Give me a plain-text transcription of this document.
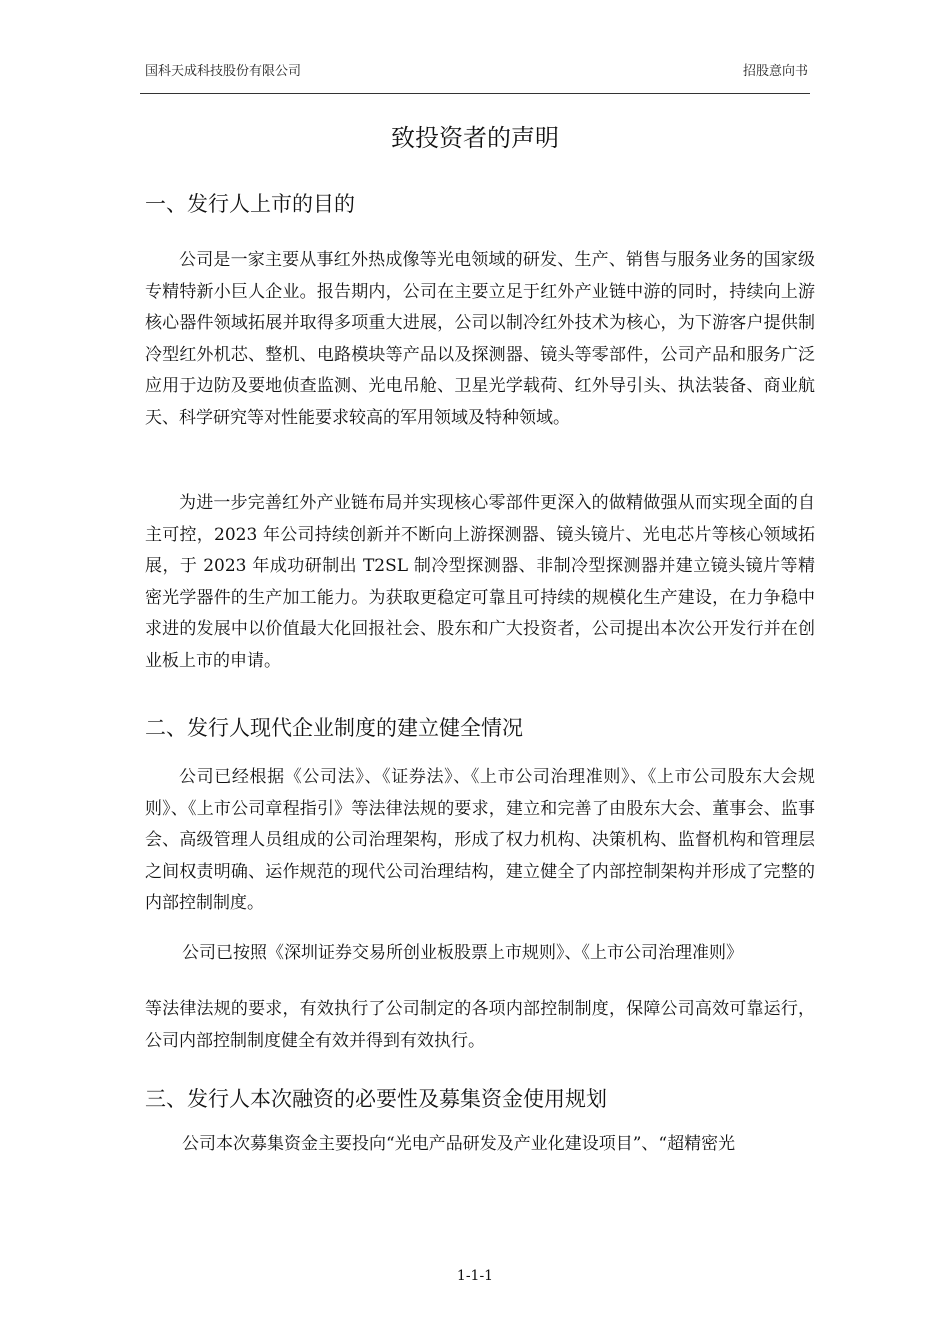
国科天成科技股份有限公司	招股意向书
致投资者的声明
一、发行人上市的目的
公司是一家主要从事红外热成像等光电领域的研发、生产、销售与服务业务的国家级专精特新小巨人企业。报告期内，公司在主要立足于红外产业链中游的同时，持续向上游核心器件领域拓展并取得多项重大进展，公司以制冷红外技术为核心，为下游客户提供制冷型红外机芯、整机、电路模块等产品以及探测器、镜头等零部件，公司产品和服务广泛应用于边防及要地侦查监测、光电吊舱、卫星光学载荷、红外导引头、执法装备、商业航天、科学研究等对性能要求较高的军用领域及特种领域。
为进一步完善红外产业链布局并实现核心零部件更深入的做精做强从而实现全面的自主可控，2023 年公司持续创新并不断向上游探测器、镜头镜片、光电芯片等核心领域拓展，于 2023 年成功研制出 T2SL 制冷型探测器、非制冷型探测器并建立镜头镜片等精密光学器件的生产加工能力。为获取更稳定可靠且可持续的规模化生产建设，在力争稳中求进的发展中以价值最大化回报社会、股东和广大投资者，公司提出本次公开发行并在创业板上市的申请。
二、发行人现代企业制度的建立健全情况
公司已经根据《公司法》、《证券法》、《上市公司治理准则》、《上市公司股东大会规则》、《上市公司章程指引》等法律法规的要求，建立和完善了由股东大会、董事会、监事会、高级管理人员组成的公司治理架构，形成了权力机构、决策机构、监督机构和管理层之间权责明确、运作规范的现代公司治理结构，建立健全了内部控制架构并形成了完整的内部控制制度。
公司已按照《深圳证券交易所创业板股票上市规则》、《上市公司治理准则》
等法律法规的要求，有效执行了公司制定的各项内部控制制度，保障公司高效可靠运行，公司内部控制制度健全有效并得到有效执行。
三、发行人本次融资的必要性及募集资金使用规划
公司本次募集资金主要投向“光电产品研发及产业化建设项目”、“超精密光
1-1-1
